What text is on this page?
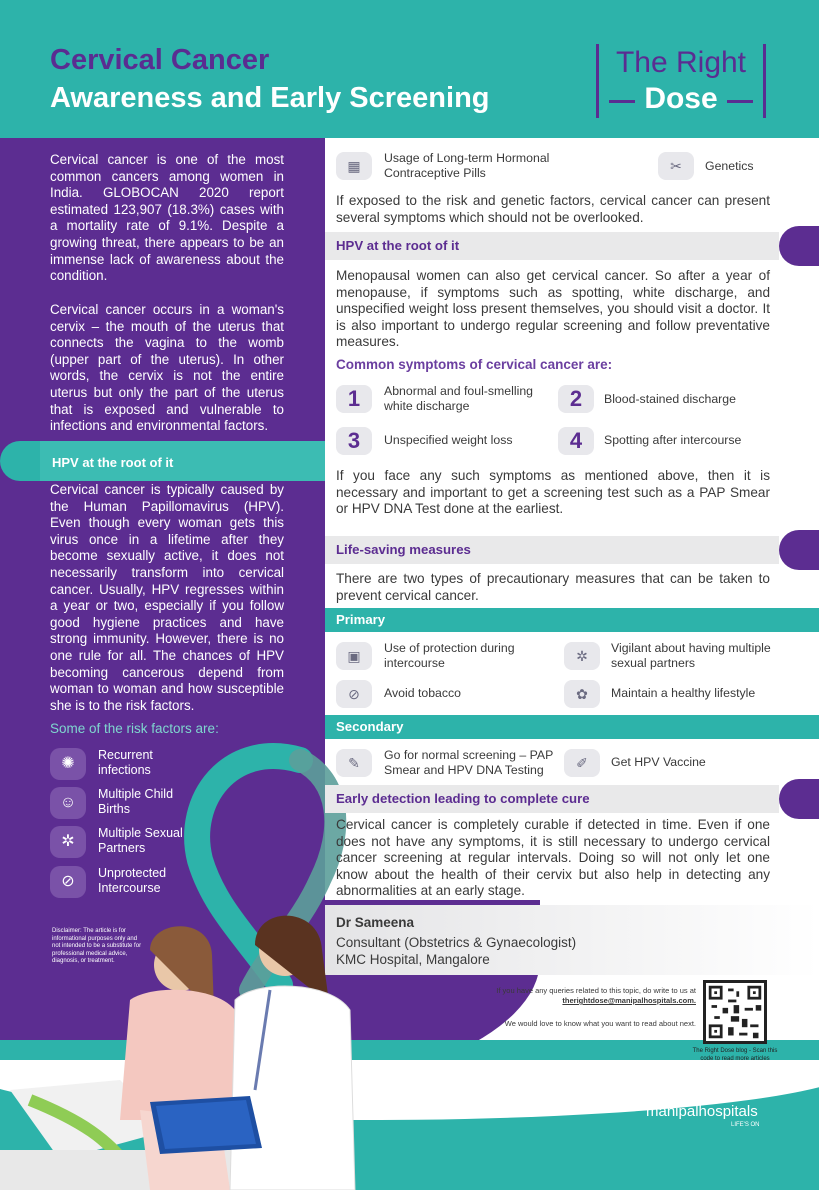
Cervical Cancer
Awareness and Early Screening
The Right
Dose
Cervical cancer is one of the most common cancers among women in India. GLOBOCAN 2020 report estimated 123,907 (18.3%) cases with a mortality rate of 9.1%. Despite a growing threat, there appears to be an immense lack of awareness about the condition.
Cervical cancer occurs in a woman's cervix – the mouth of the uterus that connects the vagina to the womb (upper part of the uterus). In other words, the cervix is not the entire uterus but only the part of the uterus that is exposed and vulnerable to infections and environmental factors.
HPV at the root of it
Cervical cancer is typically caused by the Human Papillomavirus (HPV). Even though every woman gets this virus once in a lifetime after they become sexually active, it does not necessarily transform into cervical cancer. Usually, HPV regresses within a year or two, especially if you follow good hygiene practices and have strong immunity. However, there is no one rule for all. The chances of HPV becoming cancerous depend from woman to woman and how susceptible she is to the risk factors.
Some of the risk factors are:
✺	Recurrent
infections
☺	Multiple Child
Births
✲	Multiple Sexual
Partners
⊘	Unprotected
Intercourse
Disclaimer: The article is for informational purposes only and not intended to be a substitute for professional medical advice, diagnosis, or treatment.
▦	Usage of Long-term Hormonal
Contraceptive Pills	✂	Genetics
If exposed to the risk and genetic factors, cervical cancer can present several symptoms which should not be overlooked.
HPV at the root of it
Menopausal women can also get cervical cancer. So after a year of menopause, if symptoms such as spotting, white discharge, and unspecified weight loss present themselves, you should visit a doctor. It is also important to undergo regular screening and follow preventative measures.
Common symptoms of cervical cancer are:
1	Abnormal and foul-smelling
white discharge	2	Blood-stained discharge
3	Unspecified weight loss	4	Spotting after intercourse
If you face any such symptoms as mentioned above, then it is necessary and important to get a screening test such as a PAP Smear or HPV DNA Test done at the earliest.
Life-saving measures
There are two types of precautionary measures that can be taken to prevent cervical cancer.
Primary
▣	Use of protection during
intercourse	✲	Vigilant about having multiple
sexual partners
⊘	Avoid tobacco	✿	Maintain a healthy lifestyle
Secondary
✎	Go for normal screening – PAP
Smear and HPV DNA Testing	✐	Get HPV Vaccine
Early detection leading to complete cure
Cervical cancer is completely curable if detected in time. Even if one does not have any symptoms, it is still necessary to undergo cervical cancer screening at regular intervals. Doing so will not only let one know about the health of their cervix but also help in detecting any abnormalities at an early stage.
Dr Sameena
Consultant (Obstetrics & Gynaecologist)
KMC Hospital, Mangalore
If you have any queries related to this topic, do write to us at therightdose@manipalhospitals.com.
We would love to know what you want to read about next.
The Right Dose blog - Scan this code to read more articles
manipalhospitals
LIFE'S ON
